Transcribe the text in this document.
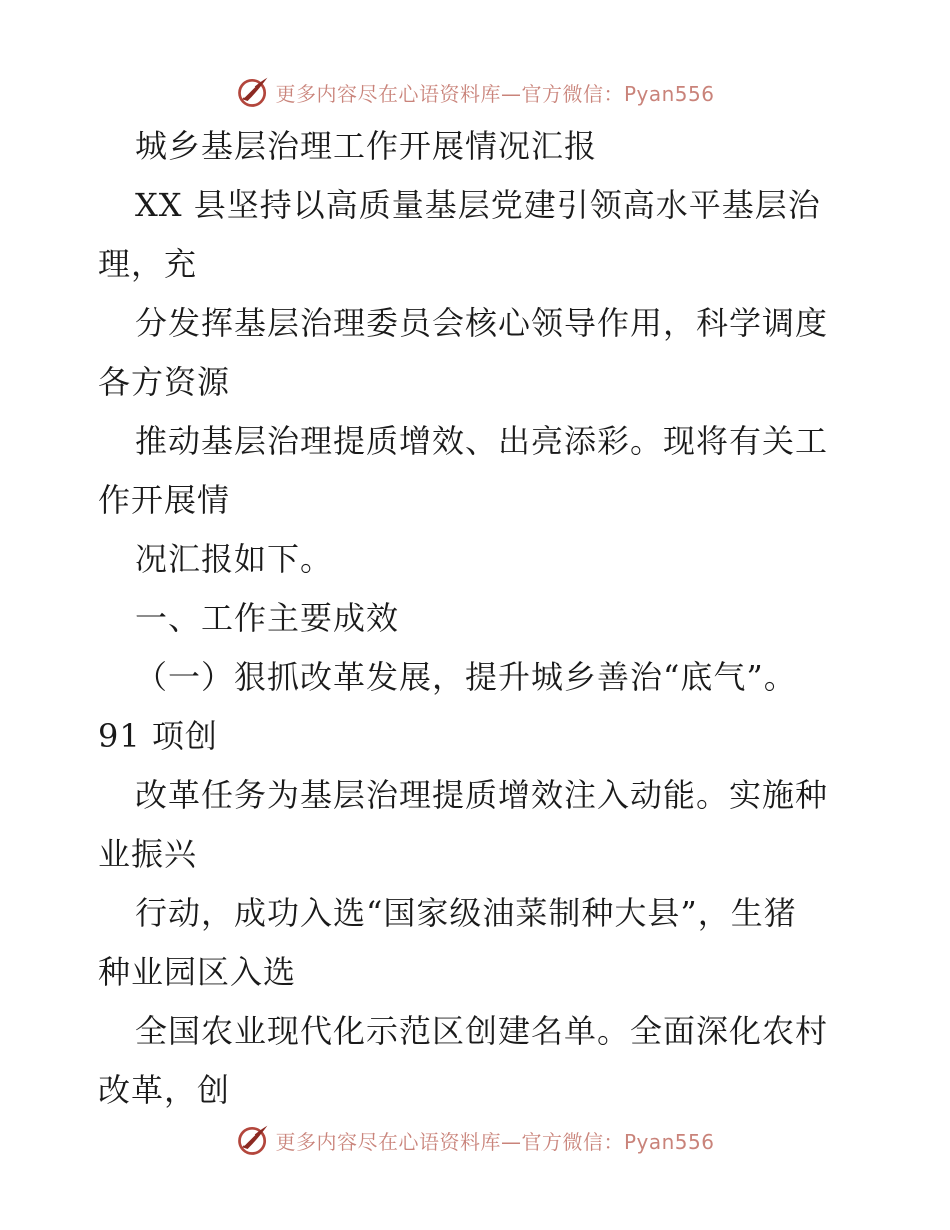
更多内容尽在心语资料库—官方微信：Pyan556
城乡基层治理工作开展情况汇报
XX 县坚持以高质量基层党建引领高水平基层治
理，充
分发挥基层治理委员会核心领导作用，科学调度
各方资源
推动基层治理提质增效、出亮添彩。现将有关工
作开展情
况汇报如下。
一、工作主要成效
（一）狠抓改革发展，提升城乡善治“底气”。
91 项创
改革任务为基层治理提质增效注入动能。实施种
业振兴
行动，成功入选“国家级油菜制种大县”，生猪
种业园区入选
全国农业现代化示范区创建名单。全面深化农村
改革，创
更多内容尽在心语资料库—官方微信：Pyan556
